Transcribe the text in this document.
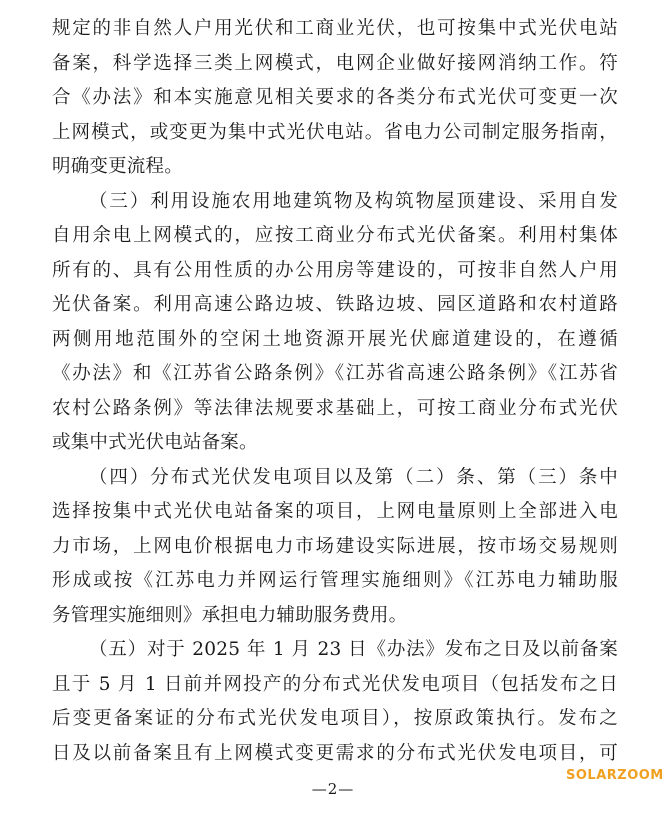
规定的非自然人户用光伏和工商业光伏，也可按集中式光伏电站
备案，科学选择三类上网模式，电网企业做好接网消纳工作。符
合《办法》和本实施意见相关要求的各类分布式光伏可变更一次
上网模式，或变更为集中式光伏电站。省电力公司制定服务指南，
明确变更流程。
（三）利用设施农用地建筑物及构筑物屋顶建设、采用自发
自用余电上网模式的，应按工商业分布式光伏备案。利用村集体
所有的、具有公用性质的办公用房等建设的，可按非自然人户用
光伏备案。利用高速公路边坡、铁路边坡、园区道路和农村道路
两侧用地范围外的空闲土地资源开展光伏廊道建设的，在遵循
《办法》和《江苏省公路条例》《江苏省高速公路条例》《江苏省
农村公路条例》等法律法规要求基础上，可按工商业分布式光伏
或集中式光伏电站备案。
（四）分布式光伏发电项目以及第（二）条、第（三）条中
选择按集中式光伏电站备案的项目，上网电量原则上全部进入电
力市场，上网电价根据电力市场建设实际进展，按市场交易规则
形成或按《江苏电力并网运行管理实施细则》《江苏电力辅助服
务管理实施细则》承担电力辅助服务费用。
（五）对于 2025 年 1 月 23 日《办法》发布之日及以前备案
且于 5 月 1 日前并网投产的分布式光伏发电项目（包括发布之日
后变更备案证的分布式光伏发电项目），按原政策执行。发布之
日及以前备案且有上网模式变更需求的分布式光伏发电项目，可
SOLARZOOM
—2—
